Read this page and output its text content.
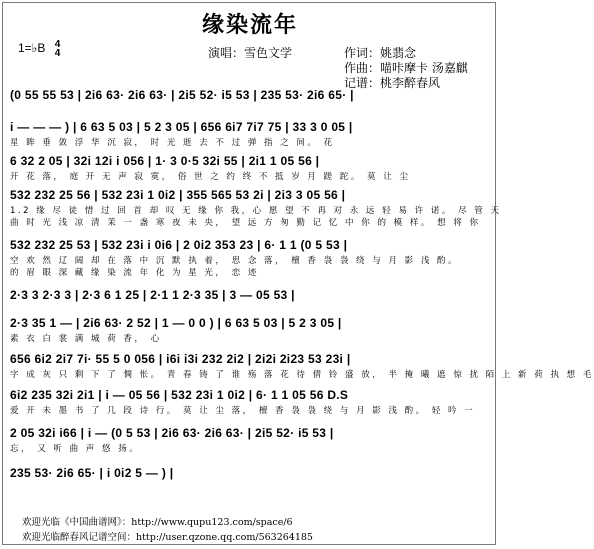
缘染流年
演唱：雪色文学	作词：姚翡念
作曲：喵咔摩卡 汤嘉麒
记谱：桃李醉春风
1=♭B 4
4
(0 55 55 53 | 2i6 63· 2i6 63· | 2i5 52· i5 53 | 235 53· 2i6 65· |
i — — — ) | 6 63 5 03 | 5 2 3 05 | 656 6i7 7i7 75 | 33 3 0 05 |
星 眸 垂 敛 浮 华 沉 寂， 时 光 逝 去 不 过 弹 指 之 间。 花
6 32 2 05 | 32i 12i i 056 | 1· 3 0·5 32i 55 | 2i1 1 05 56 |
开 花 落， 庭 开 无 声 寂 寞， 俗 世 之 约 终 不 抵 岁 月 蹉 跎。 莫 让 尘
532 232 25 56 | 532 23i 1 0i2 | 355 565 53 2i | 2i3 3 05 56 |
1.2 缘 尽 徒 惜 过 回 首 却 叹 无 缘 你 我，心 愿 望 不 再 对 永 远 轻 易 许 诺。 尽 管 天
曲 时 光 浅 凉 清 茉 一 盏 寒 夜 未 央， 望 远 方 匆 勤 记 忆 中 你 的 模 样。 想 将 你
532 232 25 53 | 532 23i i 0i6 | 2 0i2 353 23 | 6· 1 1 (0 5 53 |
空 欢 然 辽 阔 却 在 落 中 沉 默 执 着， 思 念 落， 檀 香 袅 袅 绕 与 月 影 浅 酌。
的 眉 眼 深 藏 缘 染 流 年 化 为 星 光， 恋 迹
2·3 3 2·3 3 | 2·3 6 1 25 | 2·1 1 2·3 35 | 3 — 05 53 |
2·3 35 1 — | 2i6 63· 2 52 | 1 — 0 0 ) | 6 63 5 03 | 5 2 3 05 |
素 衣 白 裳 满 城 荷 香， 心
656 6i2 2i7 7i· 55 5 0 056 | i6i i3i 232 2i2 | 2i2i 2i23 53 23i |
字 成 灰 只 剩 下 了 惆 怅。 青 春 铸 了 谁 殇 落 花 待 倩 铃 盛 放， 半 掩 曦 遮 惊 扰 陌 上 新 荷 执 想 毛
6i2 235 32i 2i1 | i — 05 56 | 532 23i 1 0i2 | 6· 1 1 05 56 D.S
爱 开 未 墨 书 了 几 段 诗 行。 莫 让 尘 落， 檀 香 袅 袅 绕 与 月 影 浅 酌。 轻 吟 一
2 05 32i i66 | i — (0 5 53 | 2i6 63· 2i6 63· | 2i5 52· i5 53 |
忘， 又 听 曲 声 悠 扬。
235 53· 2i6 65· | i 0i2 5 — ) |
欢迎光临《中国曲谱网》：http://www.qupu123.com/space/6
欢迎光临醉春风记谱空间：http://user.qzone.qq.com/563264185
